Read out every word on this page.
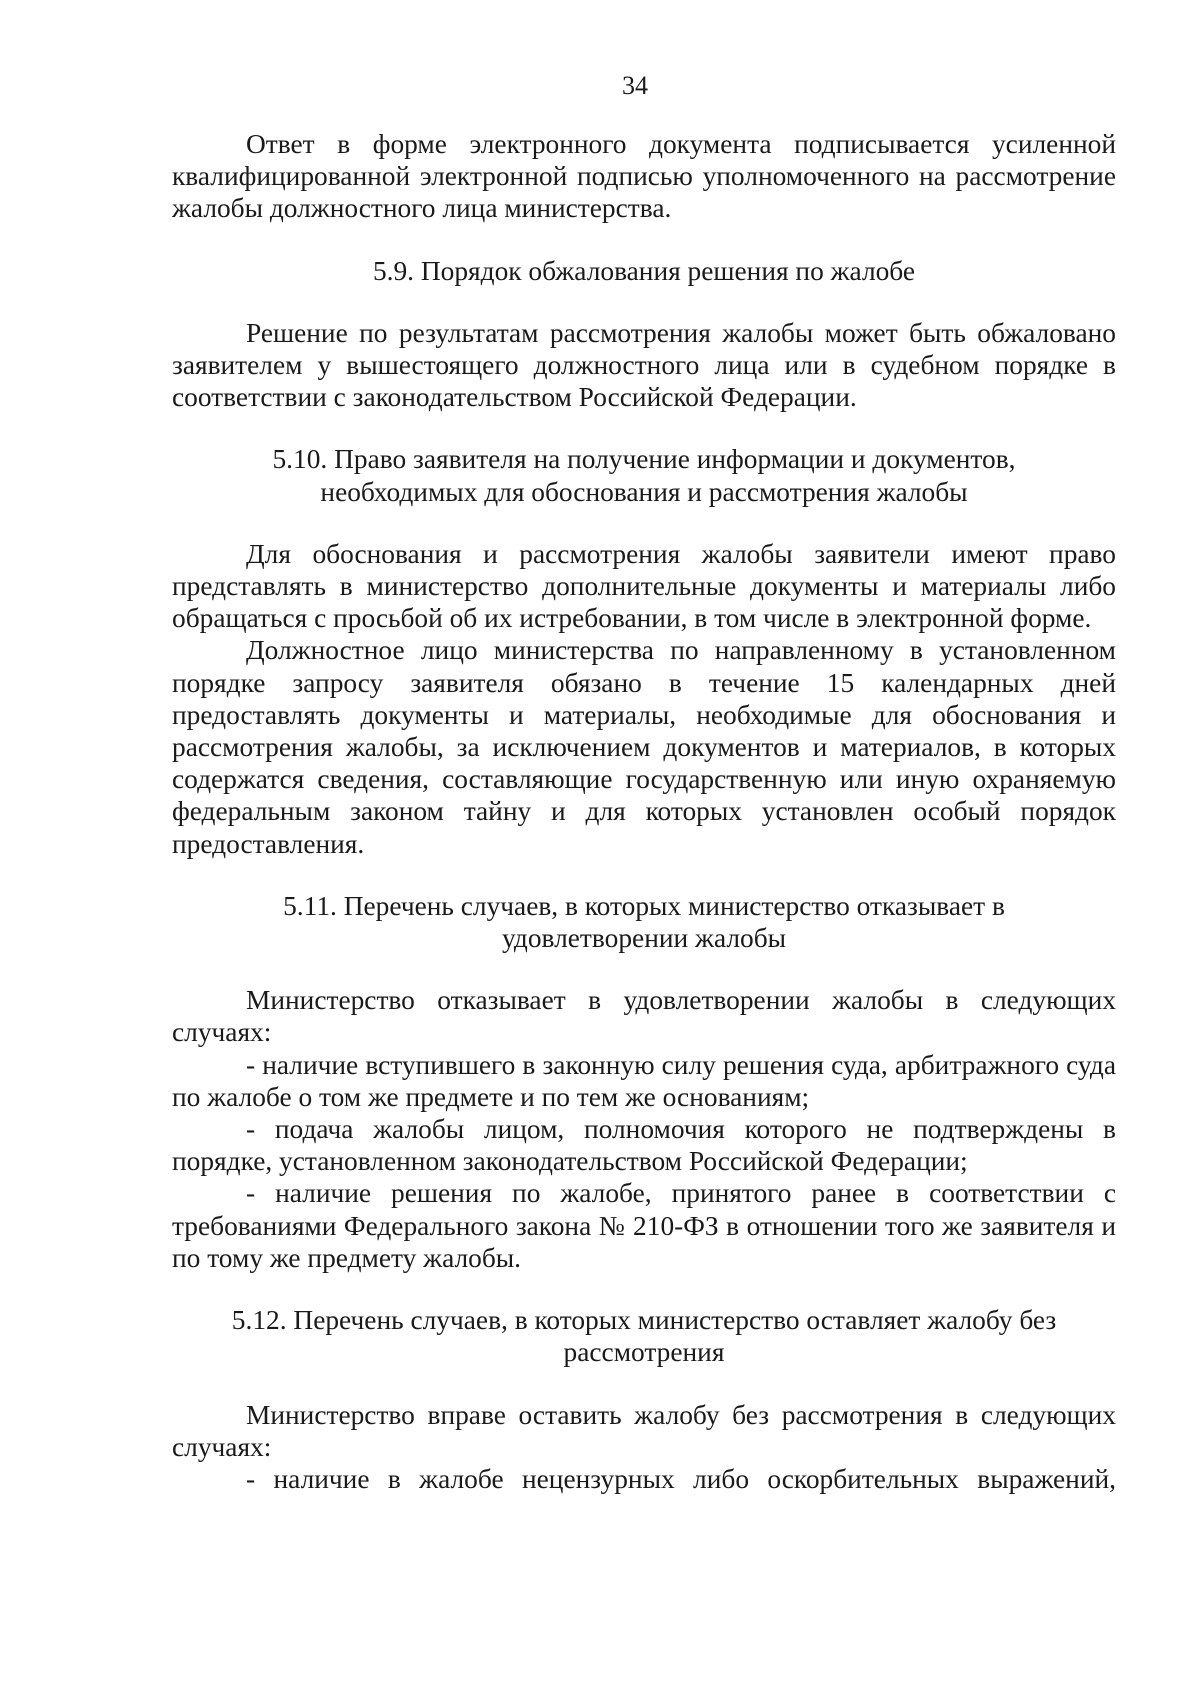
34

Ответ в форме электронного документа подписывается усиленной квалифицированной электронной подписью уполномоченного на рассмотрение жалобы должностного лица министерства.

5.9. Порядок обжалования решения по жалобе

Решение по результатам рассмотрения жалобы может быть обжаловано заявителем у вышестоящего должностного лица или в судебном порядке в соответствии с законодательством Российской Федерации.

5.10. Право заявителя на получение информации и документов,
необходимых для обоснования и рассмотрения жалобы

Для обоснования и рассмотрения жалобы заявители имеют право представлять в министерство дополнительные документы и материалы либо обращаться с просьбой об их истребовании, в том числе в электронной форме.

Должностное лицо министерства по направленному в установленном порядке запросу заявителя обязано в течение 15 календарных дней предоставлять документы и материалы, необходимые для обоснования и рассмотрения жалобы, за исключением документов и материалов, в которых содержатся сведения, составляющие государственную или иную охраняемую федеральным законом тайну и для которых установлен особый порядок предоставления.

5.11. Перечень случаев, в которых министерство отказывает в
удовлетворении жалобы

Министерство отказывает в удовлетворении жалобы в следующих случаях:

- наличие вступившего в законную силу решения суда, арбитражного суда по жалобе о том же предмете и по тем же основаниям;

- подача жалобы лицом, полномочия которого не подтверждены в порядке, установленном законодательством Российской Федерации;

- наличие решения по жалобе, принятого ранее в соответствии с требованиями Федерального закона № 210-ФЗ в отношении того же заявителя и по тому же предмету жалобы.

5.12. Перечень случаев, в которых министерство оставляет жалобу без
рассмотрения

Министерство вправе оставить жалобу без рассмотрения в следующих случаях:

- наличие в жалобе нецензурных либо оскорбительных выражений,
